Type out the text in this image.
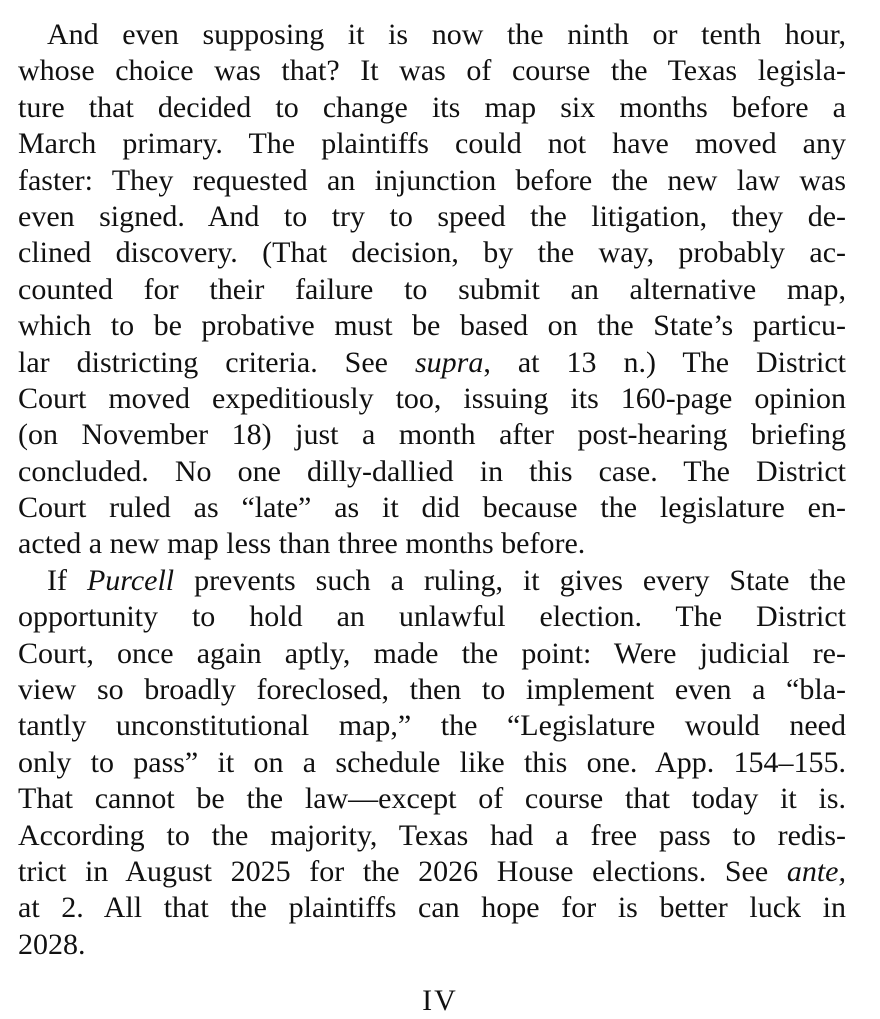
And even supposing it is now the ninth or tenth hour,
whose choice was that? It was of course the Texas legisla-
ture that decided to change its map six months before a
March primary. The plaintiffs could not have moved any
faster: They requested an injunction before the new law was
even signed. And to try to speed the litigation, they de-
clined discovery. (That decision, by the way, probably ac-
counted for their failure to submit an alternative map,
which to be probative must be based on the State’s particu-
lar districting criteria. See supra, at 13 n.) The District
Court moved expeditiously too, issuing its 160-page opinion
(on November 18) just a month after post-hearing briefing
concluded. No one dilly-dallied in this case. The District
Court ruled as “late” as it did because the legislature en-
acted a new map less than three months before.
If Purcell prevents such a ruling, it gives every State the
opportunity to hold an unlawful election. The District
Court, once again aptly, made the point: Were judicial re-
view so broadly foreclosed, then to implement even a “bla-
tantly unconstitutional map,” the “Legislature would need
only to pass” it on a schedule like this one. App. 154–155.
That cannot be the law—except of course that today it is.
According to the majority, Texas had a free pass to redis-
trict in August 2025 for the 2026 House elections. See ante,
at 2. All that the plaintiffs can hope for is better luck in
2028.
IV
